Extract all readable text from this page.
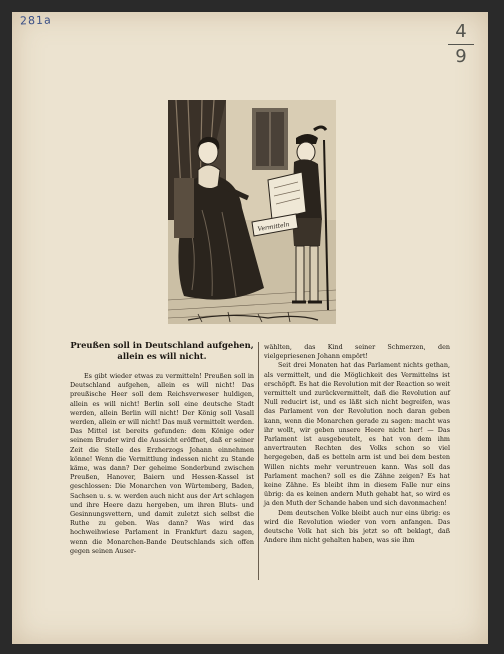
281a
4
9
Vermitteln
Preußen soll in Deutschland aufgehen, allein es will nicht.

Es gibt wieder etwas zu vermitteln! Preußen soll in Deutschland aufgehen, allein es will nicht! Das preußische Heer soll dem Reichsverweser huldigen, allein es will nicht! Berlin soll eine deutsche Stadt werden, allein Berlin will nicht! Der König soll Vasall werden, allein er will nicht! Das muß vermittelt werden. Das Mittel ist bereits gefunden: dem Könige oder seinem Bruder wird die Aussicht eröffnet, daß er seiner Zeit die Stelle des Erzherzogs Johann einnehmen könne! Wenn die Vermittlung indessen nicht zu Stande käme, was dann? Der geheime Sonderbund zwischen Preußen, Hanover, Baiern und Hessen-Kassel ist geschlossen: Die Monarchen von Würtemberg, Baden, Sachsen u. s. w. werden auch nicht aus der Art schlagen und ihre Heere dazu hergeben, um ihren Bluts- und Gesinnungsvettern, und damit zuletzt sich selbst die Ruthe zu geben. Was dann? Was wird das hochweihwiese Parlament in Frankfurt dazu sagen, wenn die Monarchen-Bande Deutschlands sich offen gegen seinen Auser-

wählten, das Kind seiner Schmerzen, den vielgepriesenen Johann empört!

Seit drei Monaten hat das Parlament nichts gethan, als vermittelt, und die Möglichkeit des Vermittelns ist erschöpft. Es hat die Revolution mit der Reaction so weit vermittelt und zurückvermittelt, daß die Revolution auf Null reducirt ist, und es läßt sich nicht begreifen, was das Parlament von der Revolution noch daran geben kann, wenn die Monarchen gerade zu sagen: macht was ihr wollt, wir geben unsere Heere nicht her! — Das Parlament ist ausgebeutelt, es hat von dem ihm anvertrauten Rechten des Volks schon so viel hergegeben, daß es betteln arm ist und bei dem besten Willen nichts mehr veruntreuen kann. Was soll das Parlament machen? soll es die Zähne zeigen? Es hat keine Zähne. Es bleibt ihm in diesem Falle nur eins übrig: da es keinen andern Muth gehabt hat, so wird es ja den Muth der Schande haben und sich davonmachen!

Dem deutschen Volke bleibt auch nur eins übrig: es wird die Revolution wieder von vorn anfangen. Das deutsche Volk hat sich bis jetzt so oft beklagt, daß Andere ihm nicht gehalten haben, was sie ihm
